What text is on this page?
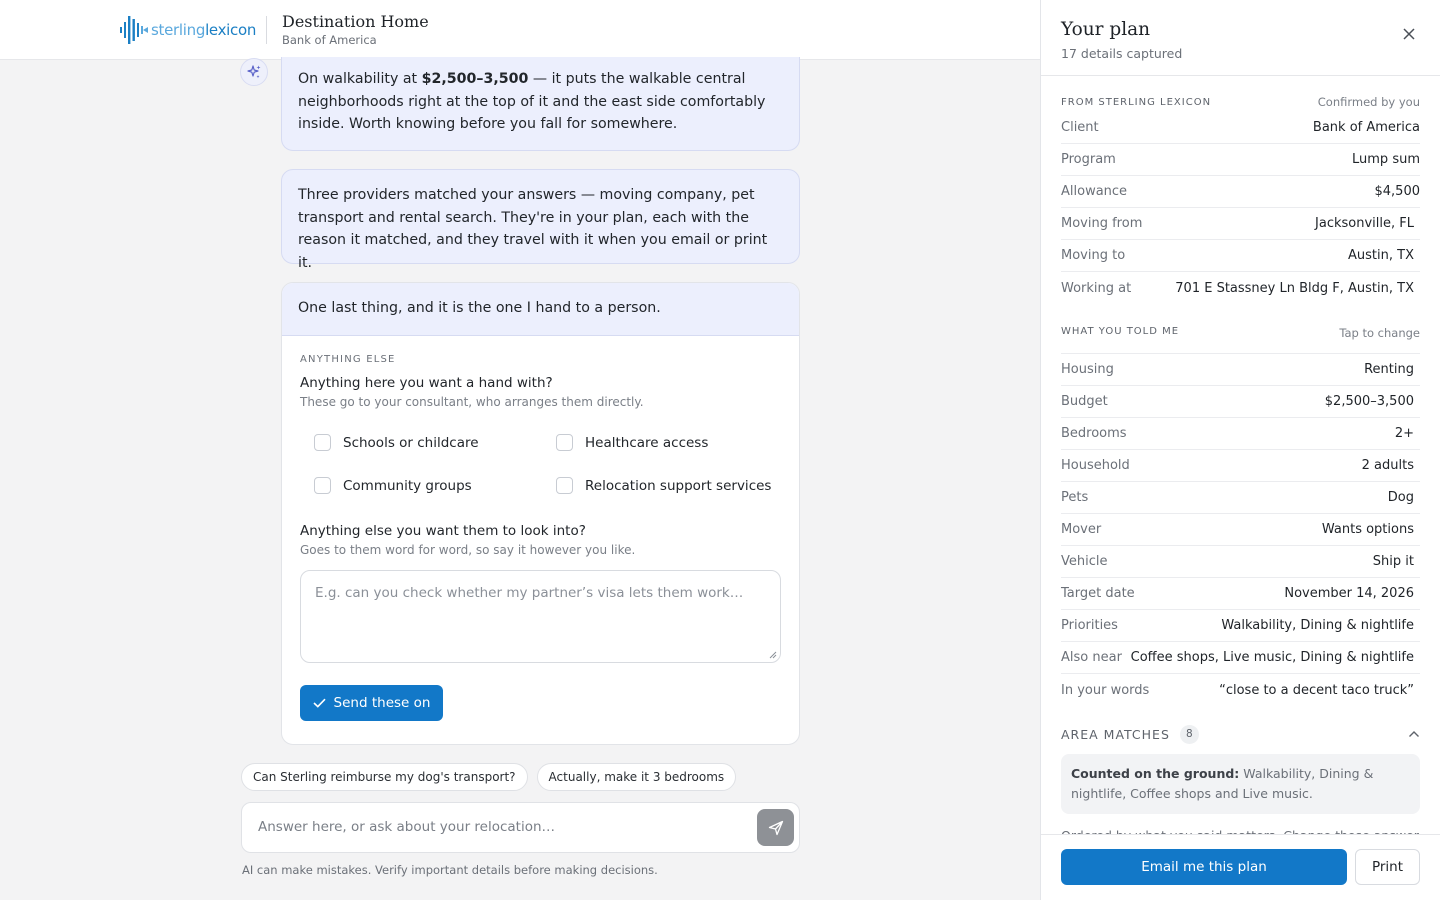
sterlinglexicon Destination Home
Bank of America
On walkability at $2,500–3,500 — it puts the walkable central neighborhoods right at the top of it and the east side comfortably inside. Worth knowing before you fall for somewhere.
Three providers matched your answers — moving company, pet transport and rental search. They're in your plan, each with the reason it matched, and they travel with it when you email or print it.
One last thing, and it is the one I hand to a person.
ANYTHING ELSE
Anything here you want a hand with?
These go to your consultant, who arranges them directly.
Schools or childcare	Healthcare access
Community groups	Relocation support services
Anything else you want them to look into?
Goes to them word for word, so say it however you like.
E.g. can you check whether my partner’s visa lets them work…
Send these on
Can Sterling reimburse my dog's transport?	Actually, make it 3 bedrooms
Answer here, or ask about your relocation…
AI can make mistakes. Verify important details before making decisions.
Your plan
17 details captured
FROM STERLING LEXICON	Confirmed by you
Client	Bank of America
Program	Lump sum
Allowance	$4,500
Moving from	Jacksonville, FL
Moving to	Austin, TX
Working at	701 E Stassney Ln Bldg F, Austin, TX
WHAT YOU TOLD ME	Tap to change
Housing	Renting
Budget	$2,500–3,500
Bedrooms	2+
Household	2 adults
Pets	Dog
Mover	Wants options
Vehicle	Ship it
Target date	November 14, 2026
Priorities	Walkability, Dining & nightlife
Also near Coffee shops, Live music, Dining & nightlife
In your words	“close to a decent taco truck”
AREA MATCHES	8
Counted on the ground: Walkability, Dining & nightlife, Coffee shops and Live music.
Email me this plan	Print
